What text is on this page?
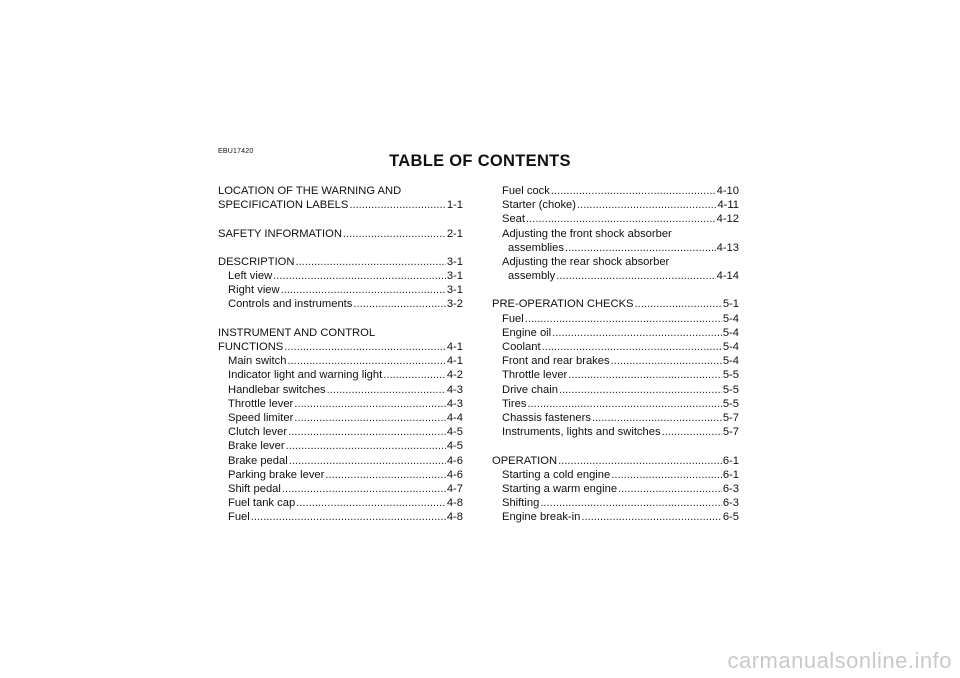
EBU17420
TABLE OF CONTENTS
LOCATION OF THE WARNING AND
SPECIFICATION LABELS .....	1-1
SAFETY INFORMATION .....	2-1
DESCRIPTION .....	3-1
Left view .....	3-1
Right view .....	3-1
Controls and instruments .....	3-2
INSTRUMENT AND CONTROL
FUNCTIONS .....	4-1
Main switch .....	4-1
Indicator light and warning light .....	4-2
Handlebar switches .....	4-3
Throttle lever .....	4-3
Speed limiter .....	4-4
Clutch lever .....	4-5
Brake lever .....	4-5
Brake pedal .....	4-6
Parking brake lever .....	4-6
Shift pedal .....	4-7
Fuel tank cap .....	4-8
Fuel .....	4-8
Fuel cock .....	4-10
Starter (choke) .....	4-11
Seat .....	4-12
Adjusting the front shock absorber
assemblies .....	4-13
Adjusting the rear shock absorber
assembly .....	4-14
PRE-OPERATION CHECKS .....	5-1
Fuel .....	5-4
Engine oil .....	5-4
Coolant .....	5-4
Front and rear brakes .....	5-4
Throttle lever .....	5-5
Drive chain .....	5-5
Tires .....	5-5
Chassis fasteners .....	5-7
Instruments, lights and switches .....	5-7
OPERATION .....	6-1
Starting a cold engine .....	6-1
Starting a warm engine .....	6-3
Shifting .....	6-3
Engine break-in .....	6-5
carmanualsonline.info
